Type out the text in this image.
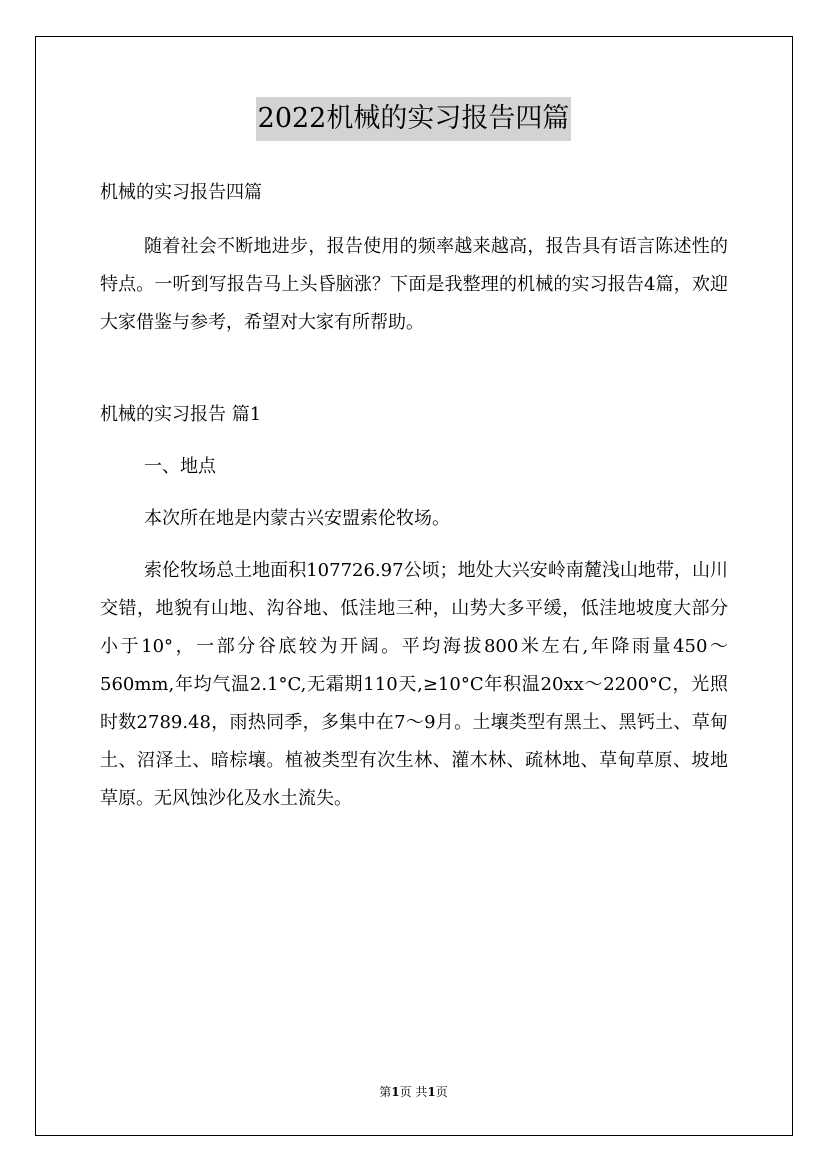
2022机械的实习报告四篇

机械的实习报告四篇

随着社会不断地进步，报告使用的频率越来越高，报告具有语言陈述性的特点。一听到写报告马上头昏脑涨？下面是我整理的机械的实习报告4篇，欢迎大家借鉴与参考，希望对大家有所帮助。

机械的实习报告 篇1

一、地点

本次所在地是内蒙古兴安盟索伦牧场。

索伦牧场总土地面积107726.97公顷；地处大兴安岭南麓浅山地带，山川交错，地貌有山地、沟谷地、低洼地三种，山势大多平缓，低洼地坡度大部分小于10°，一部分谷底较为开阔。平均海拔800米左右,年降雨量450～560mm,年均气温2.1°C,无霜期110天,≥10°C年积温20xx～2200°C，光照时数2789.48，雨热同季，多集中在7～9月。土壤类型有黑土、黑钙土、草甸土、沼泽土、暗棕壤。植被类型有次生林、灌木林、疏林地、草甸草原、坡地草原。无风蚀沙化及水土流失。

第1页 共1页
